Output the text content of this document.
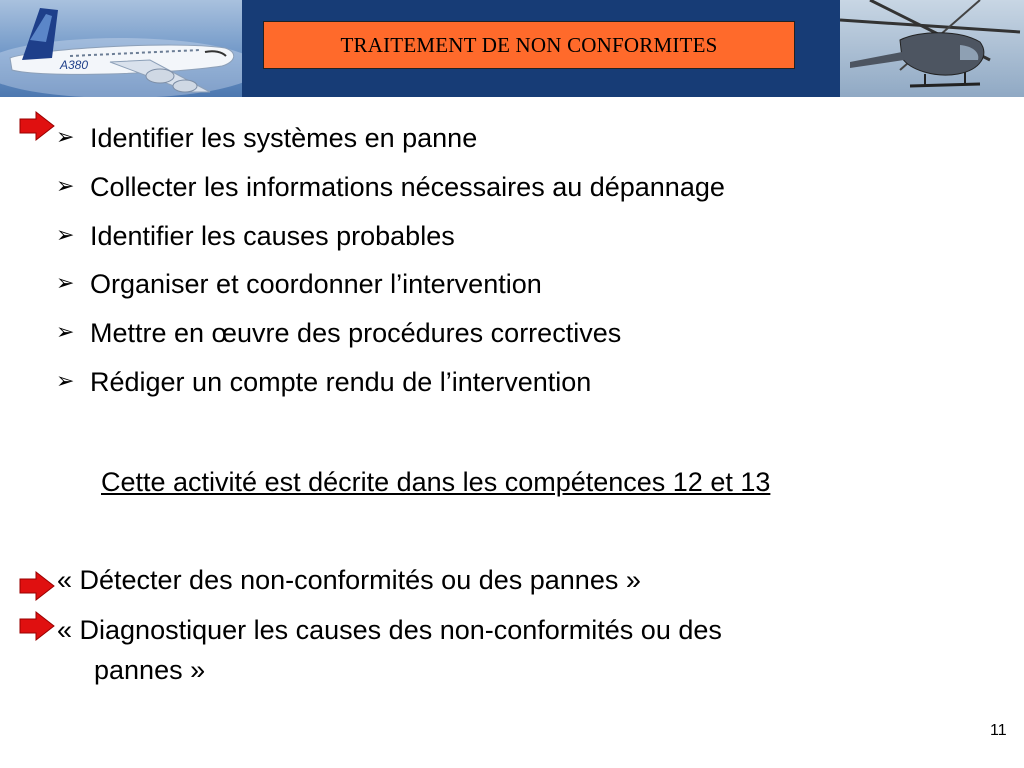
A380
TRAITEMENT DE NON CONFORMITES
➢ Identifier les systèmes en panne
➢ Collecter les informations nécessaires au dépannage
➢ Identifier les causes probables
➢ Organiser et coordonner l’intervention
➢ Mettre en œuvre des procédures correctives
➢ Rédiger un compte rendu de l’intervention
Cette activité est décrite dans les compétences 12 et 13
« Détecter des non-conformités ou des pannes »
« Diagnostiquer les causes des non-conformités ou des
pannes »
11
